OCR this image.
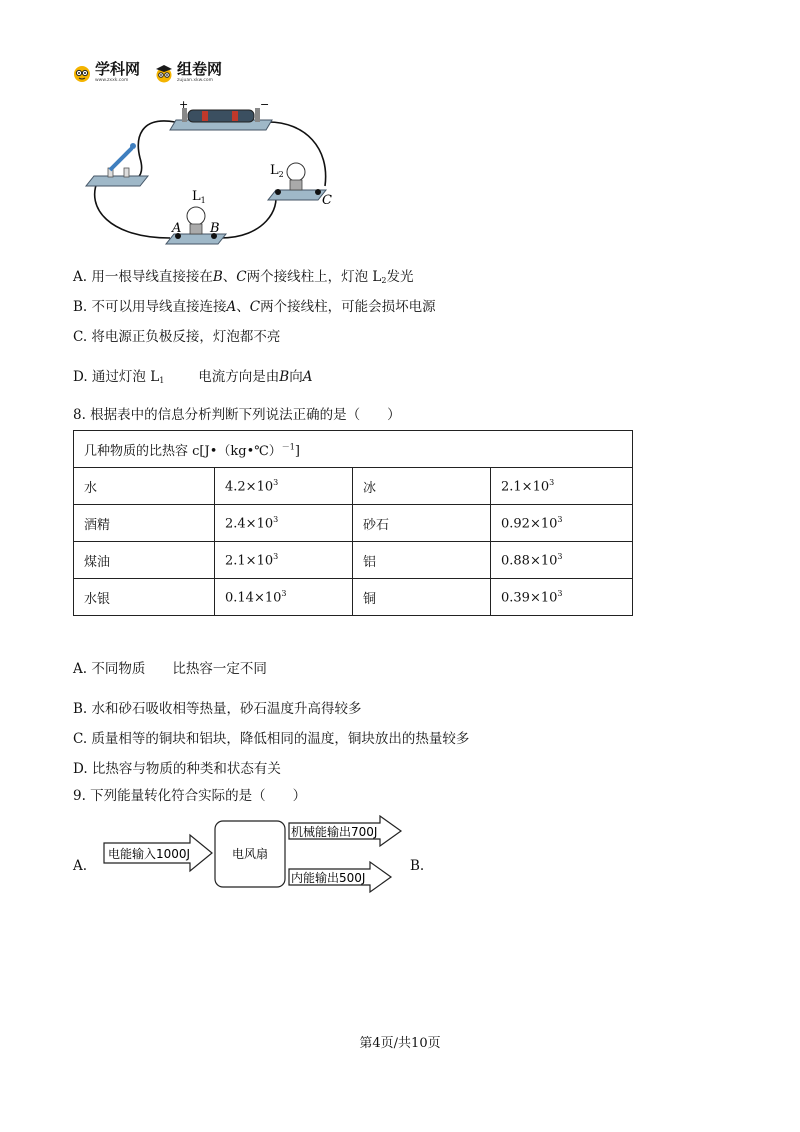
学科网
www.zxxk.com
组卷网
zujuan.xkw.com
+	−
$L_1$
A B
$L_2$
C
A. 用一根导线直接接在B、C两个接线柱上，灯泡 $L_2$发光
B. 不可以用导线直接连接A、C两个接线柱，可能会损坏电源
C. 将电源正负极反接，灯泡都不亮
D. 通过灯泡 $L_1$	电流方向是由B向A
8. 根据表中的信息分析判断下列说法正确的是（　　）
几种物质的比热容 c[J•（kg•℃）$^{-1}$]			
水	$4.2\times 10^3$	冰	$2.1\times 10^3$
酒精	$2.4\times 10^3$	砂石	$0.92\times 10^3$
煤油	$2.1\times 10^3$	铝	$0.88\times 10^3$
水银	$0.14\times 10^3$	铜	$0.39\times 10^3$
A. 不同物质　　比热容一定不同
B. 水和砂石吸收相等热量，砂石温度升高得较多
C. 质量相等的铜块和铝块，降低相同的温度，铜块放出的热量较多
D. 比热容与物质的种类和状态有关
9. 下列能量转化符合实际的是（　　）
A.	B.
电能输入1000J	电风扇
机械能输出700J
内能输出500J
第4页/共10页
